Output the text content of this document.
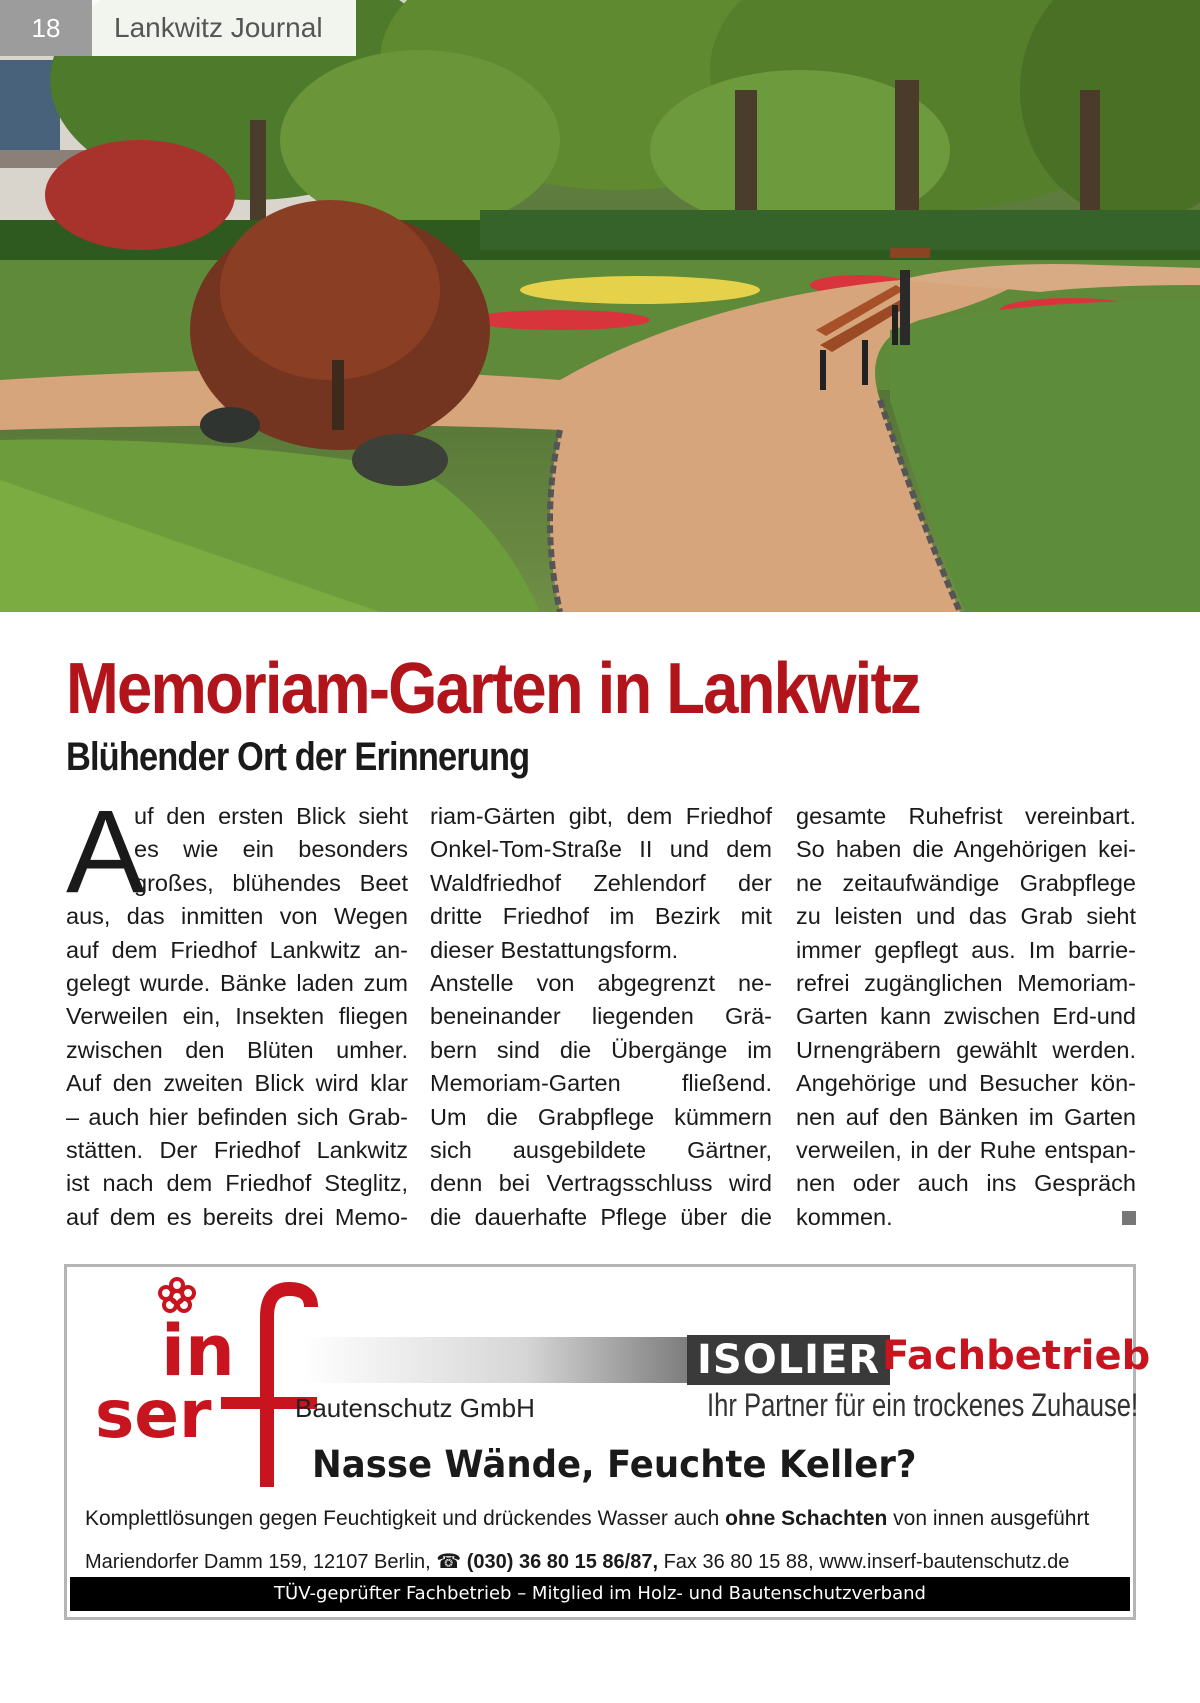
18	Lankwitz Journal
Memoriam-Garten in Lankwitz
Blühender Ort der Erinnerung
A
uf den ersten Blick sieht
es wie ein besonders
großes, blühendes Beet
aus, das inmitten von Wegen
auf dem Friedhof Lankwitz an-
gelegt wurde. Bänke laden zum
Verweilen ein, Insekten fliegen
zwischen den Blüten umher.
Auf den zweiten Blick wird klar
– auch hier befinden sich Grab-
stätten. Der Friedhof Lankwitz
ist nach dem Friedhof Steglitz,
auf dem es bereits drei Memo-
riam-Gärten gibt, dem Friedhof
Onkel-Tom-Straße II und dem
Waldfriedhof Zehlendorf der
dritte Friedhof im Bezirk mit
dieser Bestattungsform.
Anstelle von abgegrenzt ne-
beneinander liegenden Grä-
bern sind die Übergänge im
Memoriam-Garten fließend.
Um die Grabpflege kümmern
sich ausgebildete Gärtner,
denn bei Vertragsschluss wird
die dauerhafte Pflege über die
gesamte Ruhefrist vereinbart.
So haben die Angehörigen kei-
ne zeitaufwändige Grabpflege
zu leisten und das Grab sieht
immer gepflegt aus. Im barrie-
refrei zugänglichen Memoriam-
Garten kann zwischen Erd-und
Urnengräbern gewählt werden.
Angehörige und Besucher kön-
nen auf den Bänken im Garten
verweilen, in der Ruhe entspan-
nen oder auch ins Gespräch
kommen.
in
ser
ISOLIER Fachbetrieb
Bautenschutz GmbH	Ihr Partner für ein trockenes Zuhause!
Nasse Wände, Feuchte Keller?
Komplettlösungen gegen Feuchtigkeit und drückendes Wasser auch ohne Schachten von innen ausgeführt
Mariendorfer Damm 159, 12107 Berlin, ☎ (030) 36 80 15 86/87, Fax 36 80 15 88, www.inserf-bautenschutz.de
TÜV-geprüfter Fachbetrieb – Mitglied im Holz- und Bautenschutzverband
